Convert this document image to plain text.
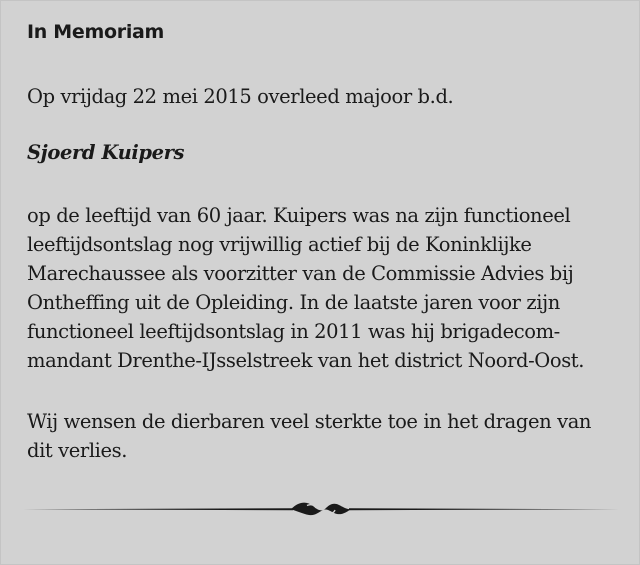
In Memoriam
Op vrijdag 22 mei 2015 overleed majoor b.d.
Sjoerd Kuipers
op de leeftijd van 60 jaar. Kuipers was na zijn functioneel
leeftijdsontslag nog vrijwillig actief bij de Koninklijke
Marechaussee als voorzitter van de Commissie Advies bij
Ontheffing uit de Opleiding. In de laatste jaren voor zijn
functioneel leeftijdsontslag in 2011 was hij brigadecom-
mandant Drenthe-IJsselstreek van het district Noord-Oost.
Wij wensen de dierbaren veel sterkte toe in het dragen van
dit verlies.
